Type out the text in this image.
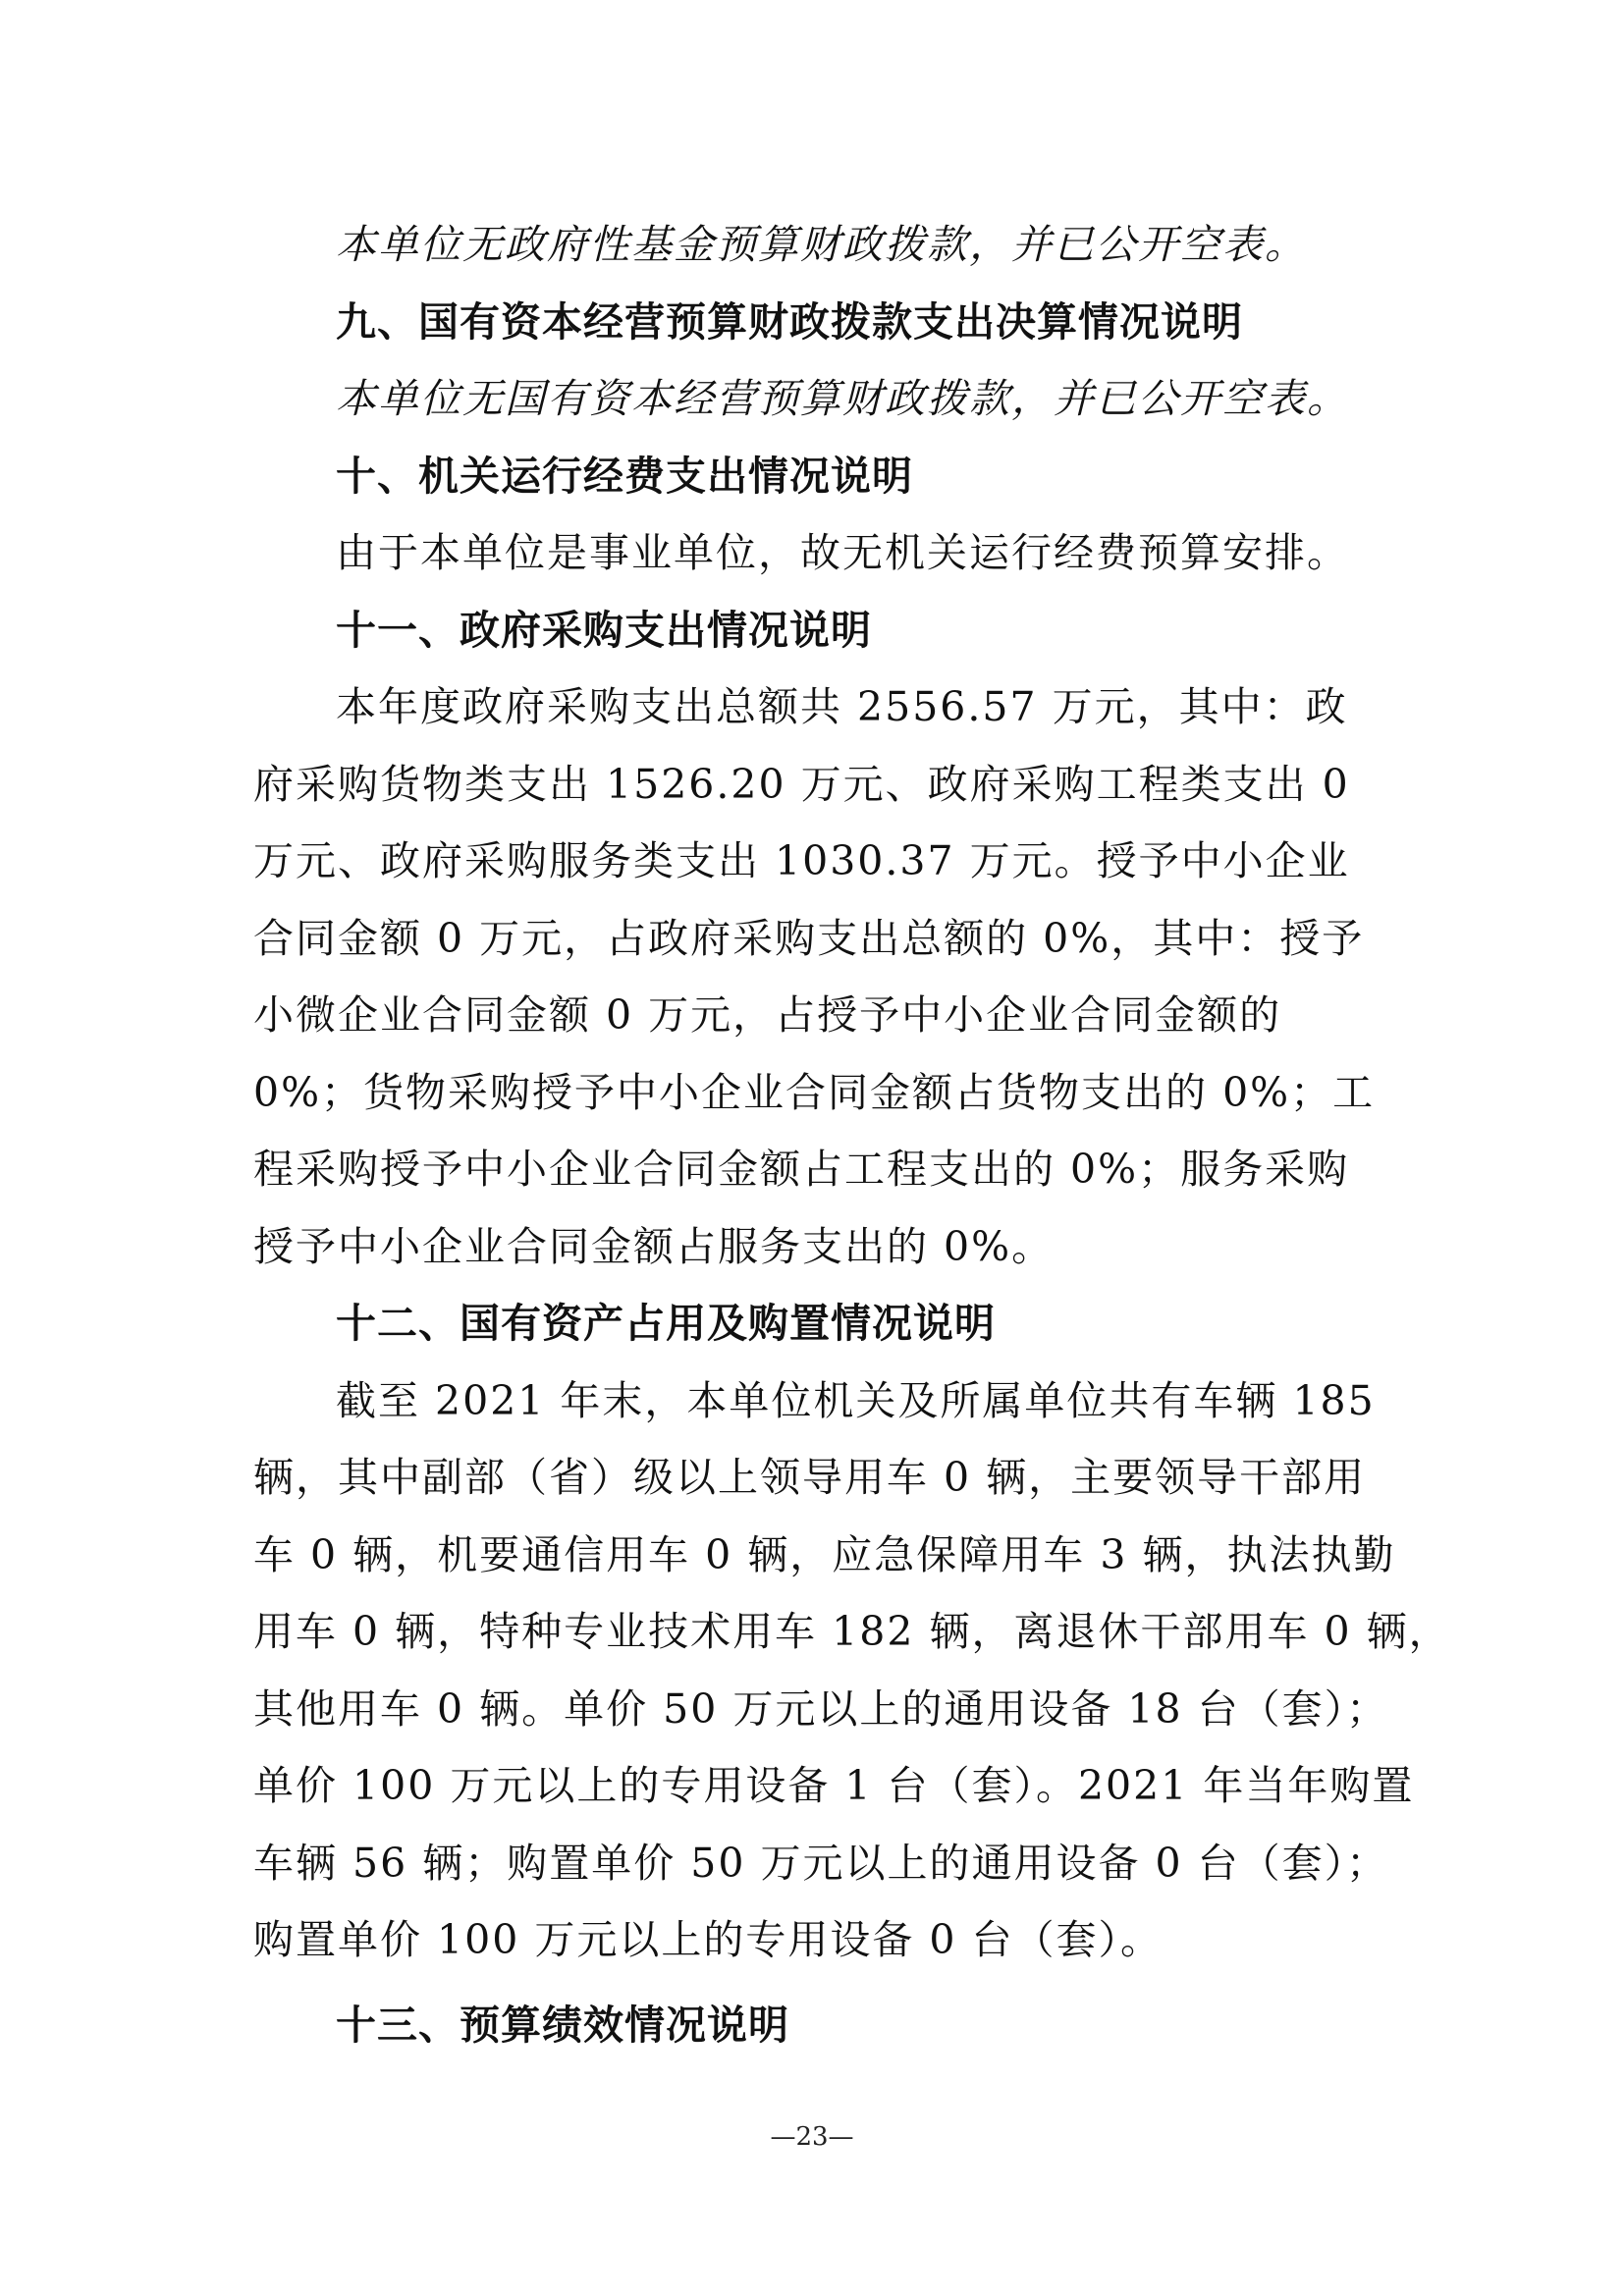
本单位无政府性基金预算财政拨款，并已公开空表。
九、国有资本经营预算财政拨款支出决算情况说明
本单位无国有资本经营预算财政拨款，并已公开空表。
十、机关运行经费支出情况说明
由于本单位是事业单位，故无机关运行经费预算安排。
十一、政府采购支出情况说明
本年度政府采购支出总额共 2556.57 万元，其中：政
府采购货物类支出 1526.20 万元、政府采购工程类支出 0
万元、政府采购服务类支出 1030.37 万元。授予中小企业
合同金额 0 万元，占政府采购支出总额的 0%，其中：授予
小微企业合同金额 0 万元，占授予中小企业合同金额的
0%；货物采购授予中小企业合同金额占货物支出的 0%；工
程采购授予中小企业合同金额占工程支出的 0%；服务采购
授予中小企业合同金额占服务支出的 0%。
十二、国有资产占用及购置情况说明
截至 2021 年末，本单位机关及所属单位共有车辆 185
辆，其中副部（省）级以上领导用车 0 辆，主要领导干部用
车 0 辆，机要通信用车 0 辆，应急保障用车 3 辆，执法执勤
用车 0 辆，特种专业技术用车 182 辆，离退休干部用车 0 辆，
其他用车 0 辆。单价 50 万元以上的通用设备 18 台（套）；
单价 100 万元以上的专用设备 1 台（套）。2021 年当年购置
车辆 56 辆；购置单价 50 万元以上的通用设备 0 台（套）；
购置单价 100 万元以上的专用设备 0 台（套）。
十三、预算绩效情况说明
—23—
